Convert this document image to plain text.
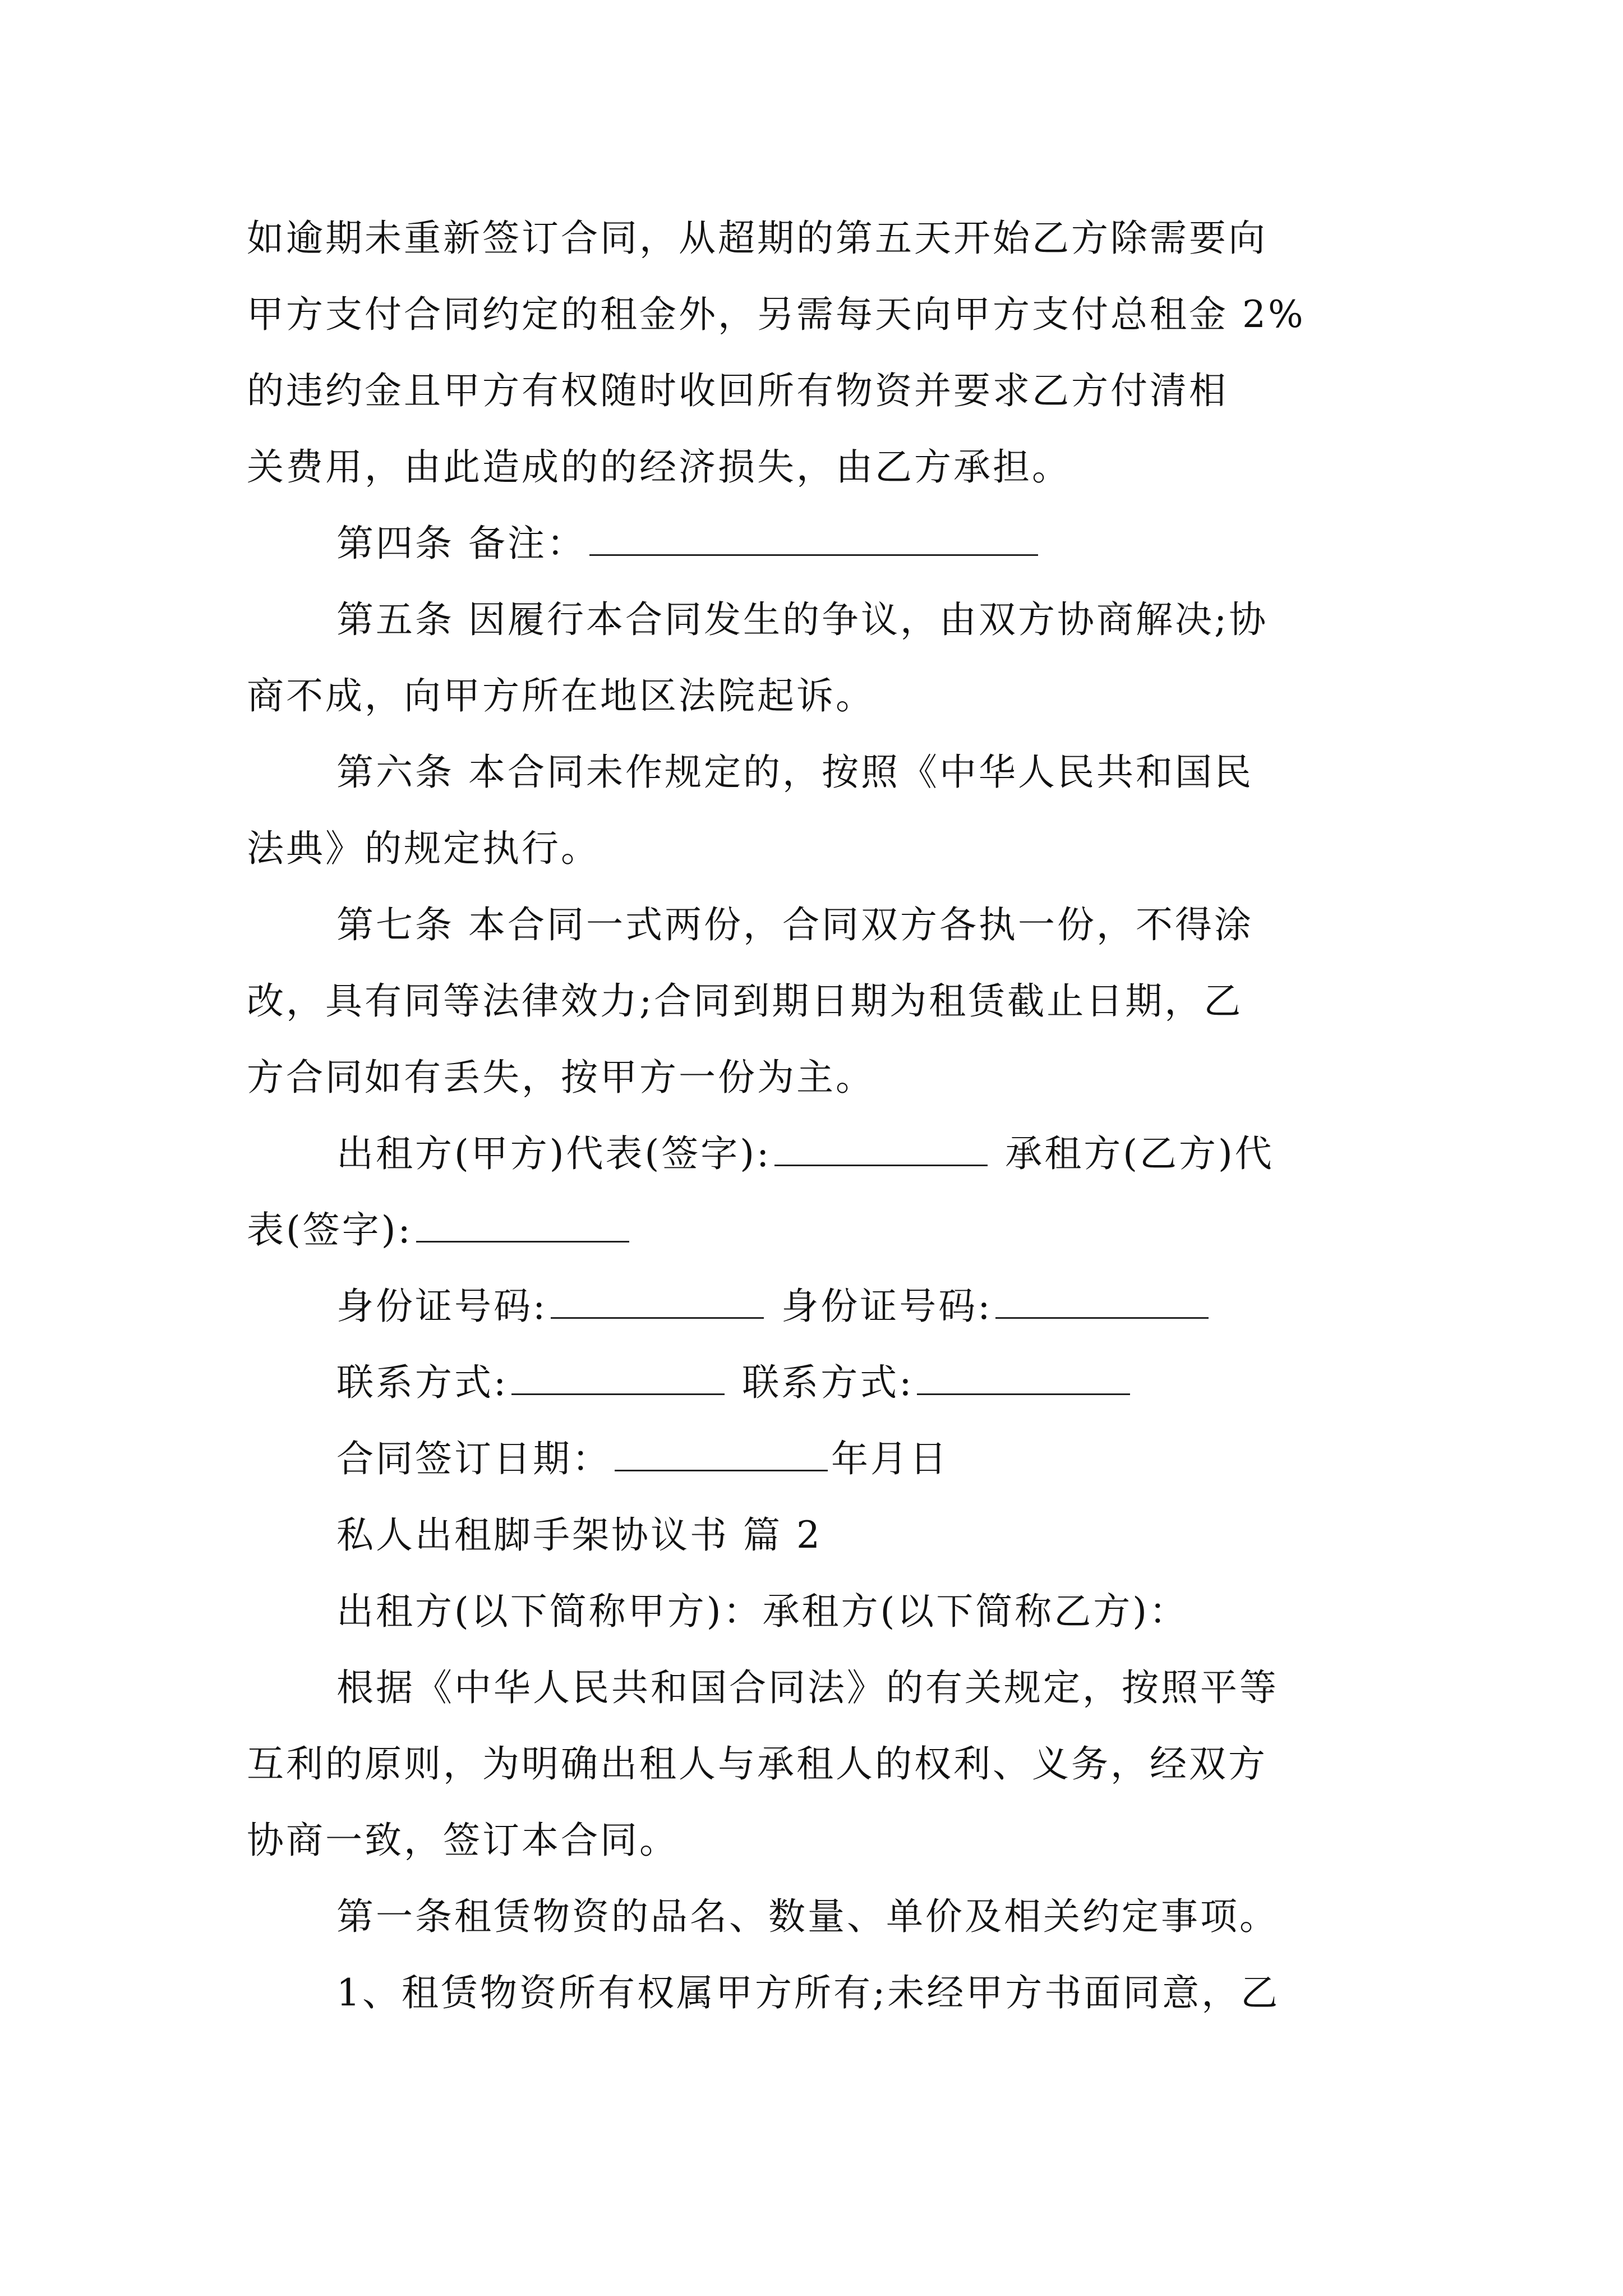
如逾期未重新签订合同，从超期的第五天开始乙方除需要向
甲方支付合同约定的租金外，另需每天向甲方支付总租金 2%
的违约金且甲方有权随时收回所有物资并要求乙方付清相
关费用，由此造成的的经济损失，由乙方承担。
第四条 备注：
第五条 因履行本合同发生的争议，由双方协商解决;协
商不成，向甲方所在地区法院起诉。
第六条 本合同未作规定的，按照《中华人民共和国民
法典》的规定执行。
第七条 本合同一式两份，合同双方各执一份，不得涂
改，具有同等法律效力;合同到期日期为租赁截止日期，乙
方合同如有丢失，按甲方一份为主。
出租方(甲方)代表(签字):	承租方(乙方)代
表(签字):
身份证号码:	身份证号码:
联系方式:	联系方式:
合同签订日期：	年月日
私人出租脚手架协议书 篇 2
出租方(以下简称甲方)：承租方(以下简称乙方)：
根据《中华人民共和国合同法》的有关规定，按照平等
互利的原则，为明确出租人与承租人的权利、义务，经双方
协商一致，签订本合同。
第一条租赁物资的品名、数量、单价及相关约定事项。
1、租赁物资所有权属甲方所有;未经甲方书面同意，乙
